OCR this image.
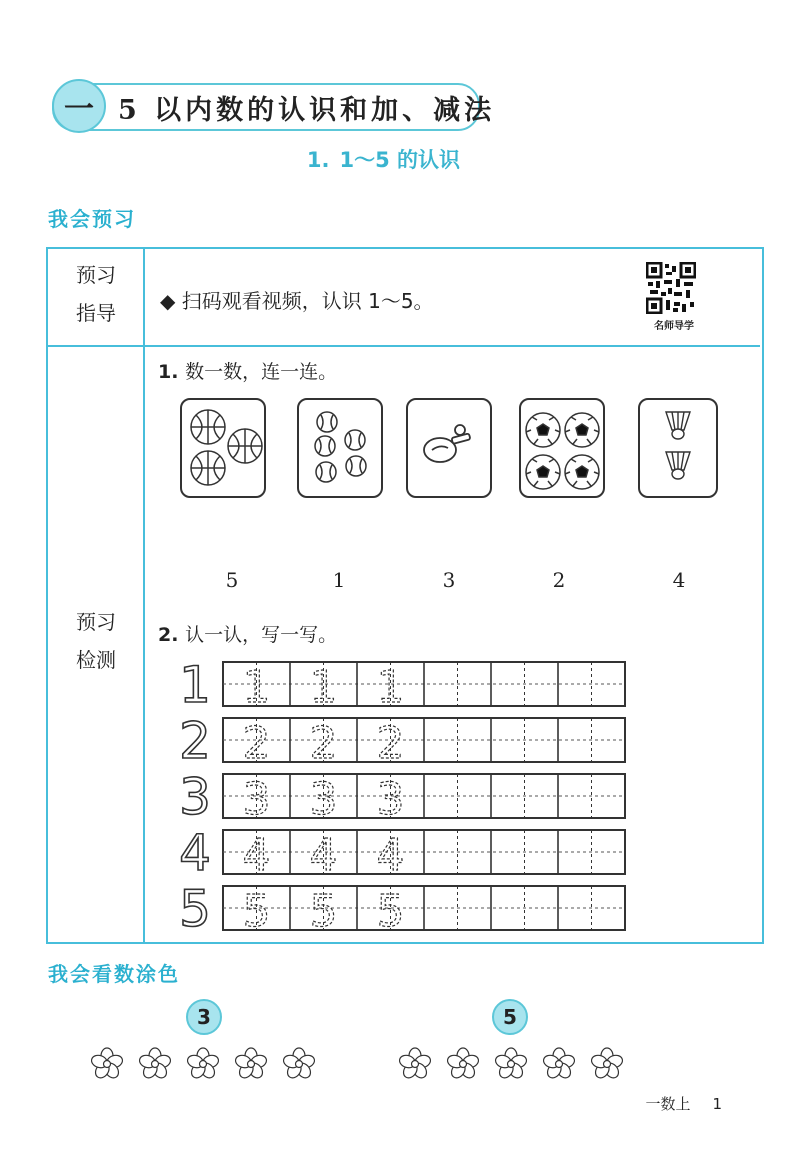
一 5 以内数的认识和加、减法
1. 1～5 的认识
我会预习
预习
指导	◆ 扫码观看视频，认识 1～5。
名师导学
预习
检测
1. 数一数，连一连。
5	1	3	2	4
2. 认一认，写一写。
1 1 1 1
2 2 2 2
3 3 3 3
4 4 4 4
5 5 5 5
我会看数涂色
3	5
一数上 1
